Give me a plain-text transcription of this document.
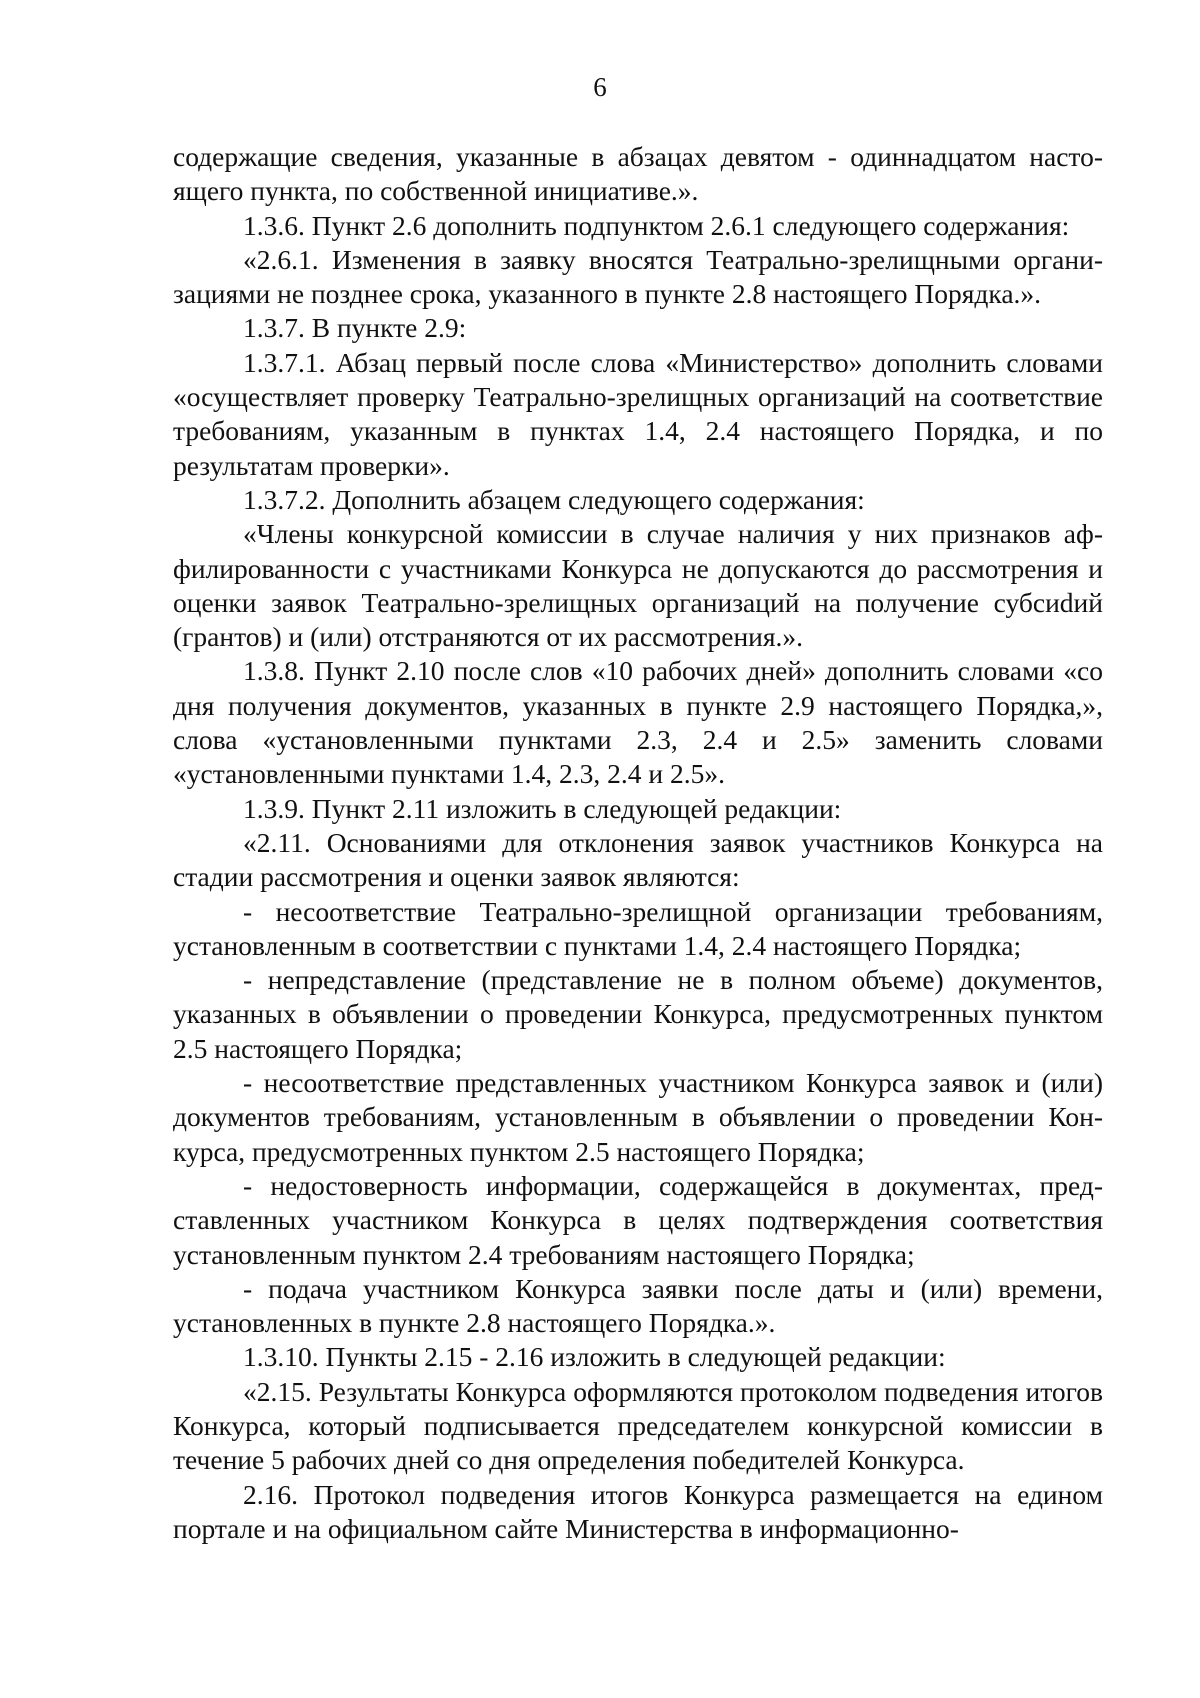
6

содержащие сведения, указанные в абзацах девятом - одиннадцатом настоящего пункта, по собственной инициативе.».

1.3.6. Пункт 2.6 дополнить подпунктом 2.6.1 следующего содержания:

«2.6.1. Изменения в заявку вносятся Театрально-зрелищными организациями не позднее срока, указанного в пункте 2.8 настоящего Порядка.».

1.3.7. В пункте 2.9:

1.3.7.1. Абзац первый после слова «Министерство» дополнить словами «осуществляет проверку Театрально-зрелищных организаций на соответствие требованиям, указанным в пунктах 1.4, 2.4 настоящего Порядка, и по результатам проверки».

1.3.7.2. Дополнить абзацем следующего содержания:

«Члены конкурсной комиссии в случае наличия у них признаков аффилированности с участниками Конкурса не допускаются до рассмотрения и оценки заявок Театрально-зрелищных организаций на получение субсиdий (грантов) и (или) отстраняются от их рассмотрения.».

1.3.8. Пункт 2.10 после слов «10 рабочих дней» дополнить словами «со дня получения документов, указанных в пункте 2.9 настоящего Порядка,», слова «установленными пунктами 2.3, 2.4 и 2.5» заменить словами «установленными пунктами 1.4, 2.3, 2.4 и 2.5».

1.3.9. Пункт 2.11 изложить в следующей редакции:

«2.11. Основаниями для отклонения заявок участников Конкурса на стадии рассмотрения и оценки заявок являются:

- несоответствие Театрально-зрелищной организации требованиям, установленным в соответствии с пунктами 1.4, 2.4 настоящего Порядка;

- непредставление (представление не в полном объеме) документов, указанных в объявлении о проведении Конкурса, предусмотренных пунктом 2.5 настоящего Порядка;

- несоответствие представленных участником Конкурса заявок и (или) документов требованиям, установленным в объявлении о проведении Конкурса, предусмотренных пунктом 2.5 настоящего Порядка;

- недостоверность информации, содержащейся в документах, представленных участником Конкурса в целях подтверждения соответствия установленным пунктом 2.4 требованиям настоящего Порядка;

- подача участником Конкурса заявки после даты и (или) времени, установленных в пункте 2.8 настоящего Порядка.».

1.3.10. Пункты 2.15 - 2.16 изложить в следующей редакции:

«2.15. Результаты Конкурса оформляются протоколом подведения итогов Конкурса, который подписывается председателем конкурсной комиссии в течение 5 рабочих дней со дня определения победителей Конкурса.

2.16. Протокол подведения итогов Конкурса размещается на едином портале и на официальном сайте Министерства в информационно-
